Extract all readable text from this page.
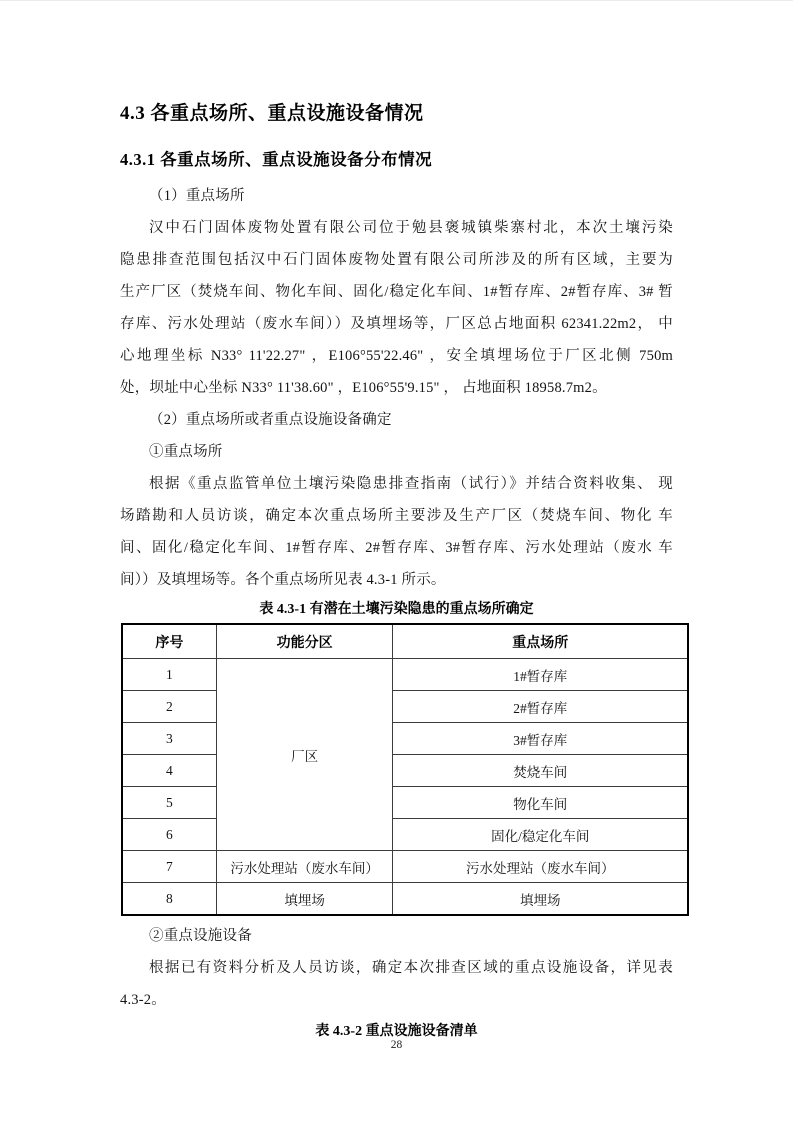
4.3 各重点场所、重点设施设备情况
4.3.1 各重点场所、重点设施设备分布情况
（1）重点场所
汉中石门固体废物处置有限公司位于勉县褒城镇柴寨村北，本次土壤污染
隐患排查范围包括汉中石门固体废物处置有限公司所涉及的所有区域，主要为
生产厂区（焚烧车间、物化车间、固化/稳定化车间、1#暂存库、2#暂存库、3# 暂
存库、污水处理站（废水车间））及填埋场等，厂区总占地面积 62341.22m2， 中
心地理坐标 N33° 11'22.27" ，E106°55'22.46" ，安全填埋场位于厂区北侧 750m
处，坝址中心坐标 N33° 11'38.60" ，E106°55'9.15" ， 占地面积 18958.7m2。
（2）重点场所或者重点设施设备确定
①重点场所
根据《重点监管单位土壤污染隐患排查指南（试行）》并结合资料收集、 现
场踏勘和人员访谈，确定本次重点场所主要涉及生产厂区（焚烧车间、物化 车
间、固化/稳定化车间、1#暂存库、2#暂存库、3#暂存库、污水处理站（废水 车
间））及填埋场等。各个重点场所见表 4.3-1 所示。
表 4.3-1 有潜在土壤污染隐患的重点场所确定
序号	功能分区	重点场所
1	厂区	1#暂存库
2		2#暂存库
3		3#暂存库
4		焚烧车间
5		物化车间
6		固化/稳定化车间
7	污水处理站（废水车间）	污水处理站（废水车间）
8	填埋场	填埋场
②重点设施设备
根据已有资料分析及人员访谈，确定本次排查区域的重点设施设备，详见表
4.3-2。
表 4.3-2 重点设施设备清单
28
